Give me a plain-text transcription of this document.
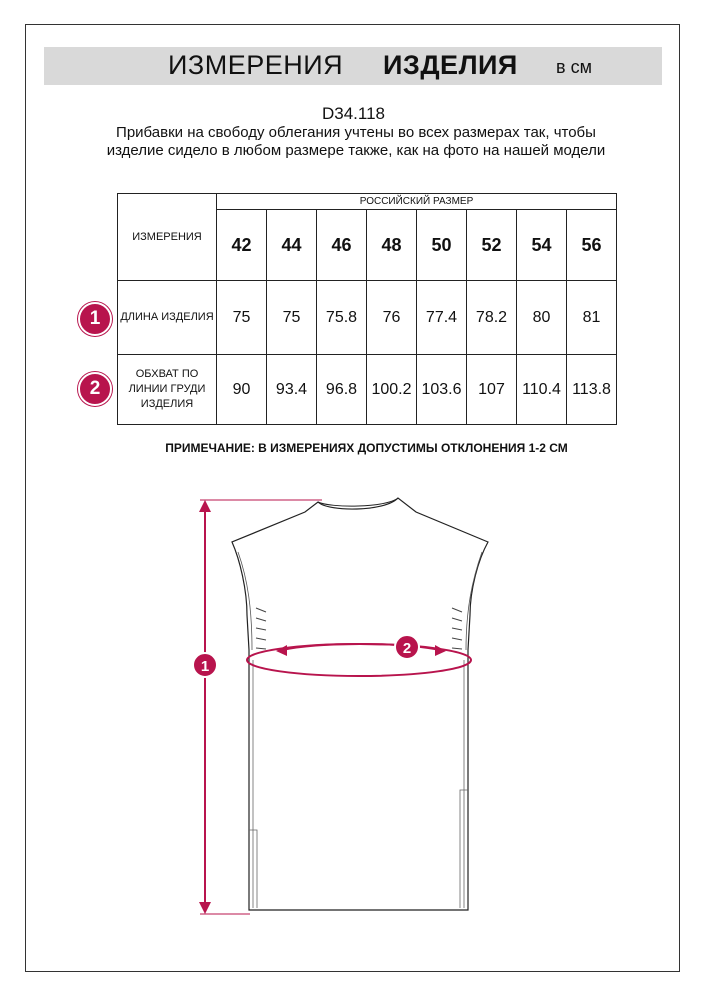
ИЗМЕРЕНИЯ ИЗДЕЛИЯ в см
D34.118
Прибавки на свободу облегания учтены во всех размерах так, чтобы изделие сидело в любом размере также, как на фото на нашей модели
ИЗМЕРЕНИЯ	РОССИЙСКИЙ РАЗМЕР							
	42	44	46	48	50	52	54	56
ДЛИНА ИЗДЕЛИЯ	75	75	75.8	76	77.4	78.2	80	81
ОБХВАТ ПО ЛИНИИ ГРУДИ ИЗДЕЛИЯ	90	93.4	96.8	100.2	103.6	107	110.4	113.8
1
2
ПРИМЕЧАНИЕ: В ИЗМЕРЕНИЯХ ДОПУСТИМЫ ОТКЛОНЕНИЯ 1-2 СМ
1
2
